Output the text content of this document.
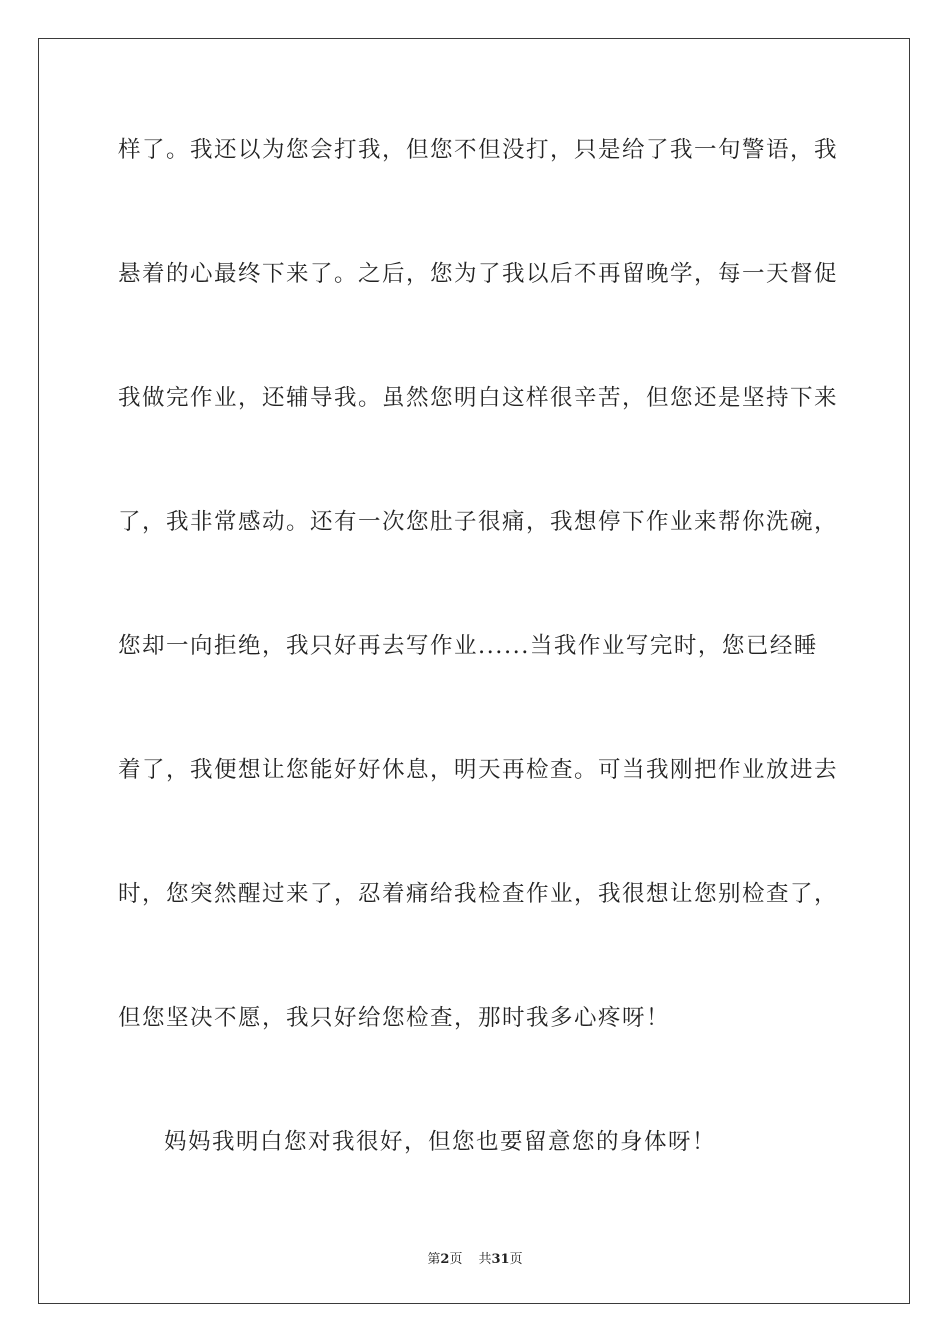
样了。我还以为您会打我，但您不但没打，只是给了我一句警语，我
悬着的心最终下来了。之后，您为了我以后不再留晚学，每一天督促
我做完作业，还辅导我。虽然您明白这样很辛苦，但您还是坚持下来
了，我非常感动。还有一次您肚子很痛，我想停下作业来帮你洗碗，
您却一向拒绝，我只好再去写作业......当我作业写完时，您已经睡
着了，我便想让您能好好休息，明天再检查。可当我刚把作业放进去
时，您突然醒过来了，忍着痛给我检查作业，我很想让您别检查了，
但您坚决不愿，我只好给您检查，那时我多心疼呀！
妈妈我明白您对我很好，但您也要留意您的身体呀！
第2页 共31页
